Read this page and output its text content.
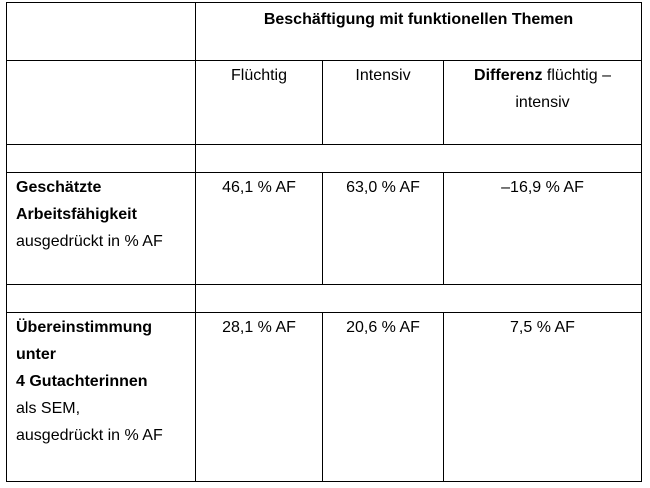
Beschäftigung mit funktionellen Themen
Flüchtig	Intensiv	Differenz flüchtig –
intensiv
Geschätzte
Arbeitsfähigkeit
ausgedrückt in % AF
46,1 % AF	63,0 % AF	–16,9 % AF
Übereinstimmung
unter
4 Gutachterinnen
als SEM,
ausgedrückt in % AF
28,1 % AF	20,6 % AF	7,5 % AF
